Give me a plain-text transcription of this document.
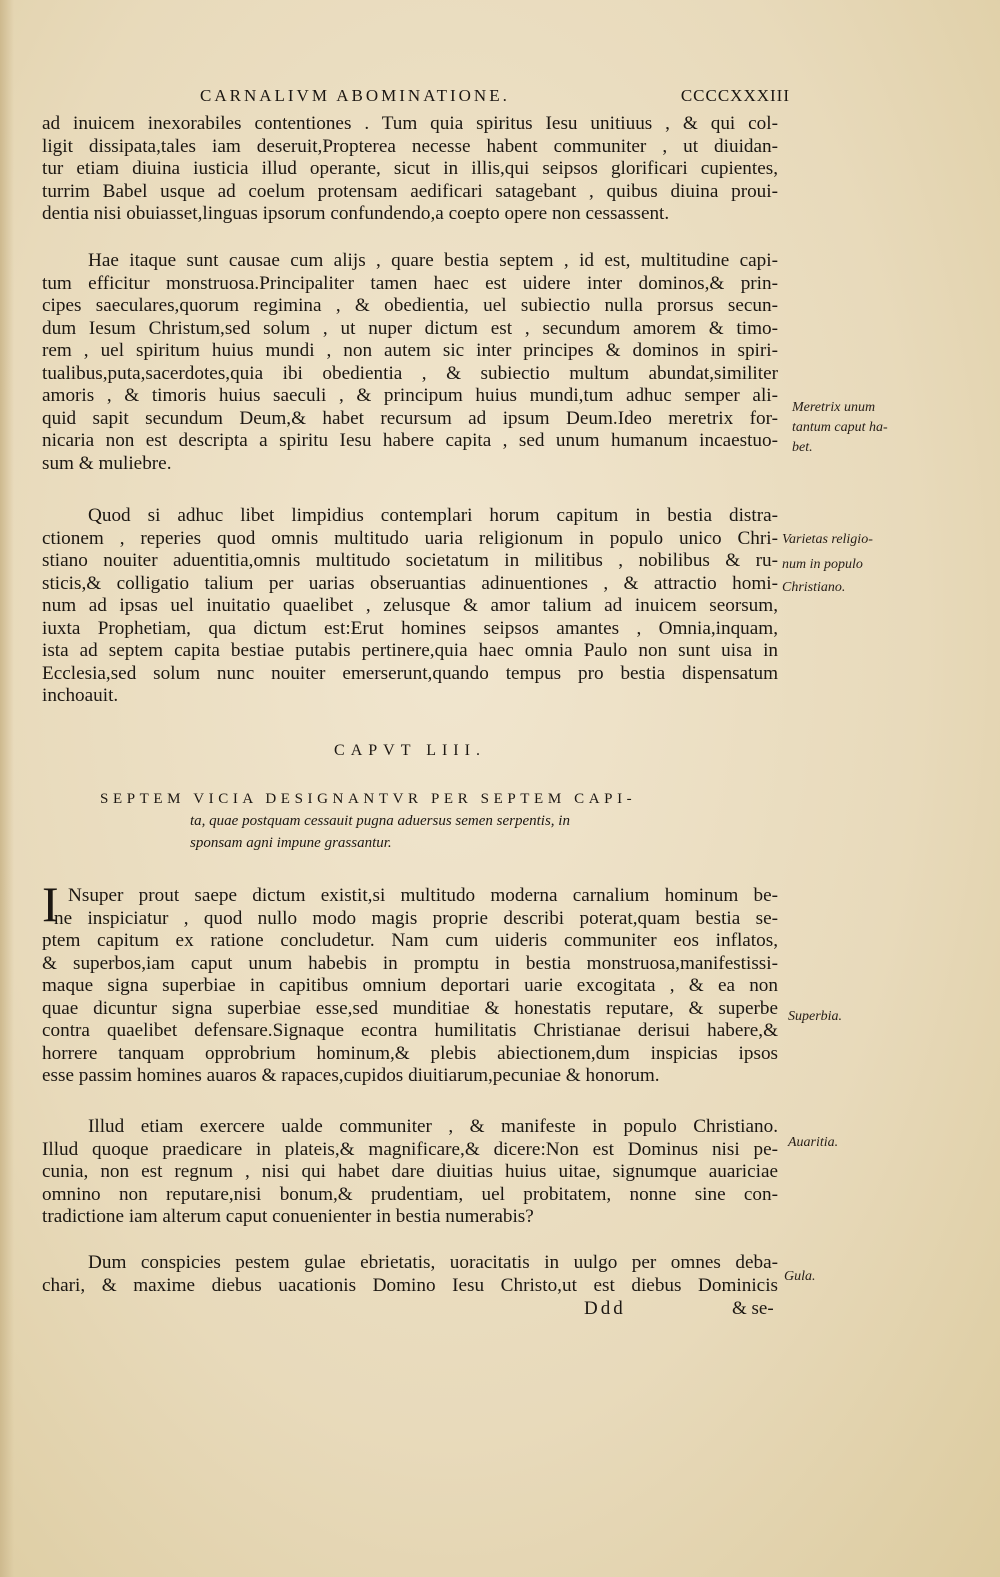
CARNALIVM ABOMINATIONE.	CCCCXXXIII
ad inuicem inexorabiles contentiones . Tum quia spiritus Iesu unitiuus , & qui col-
ligit dissipata,tales iam deseruit,Propterea necesse habent communiter , ut diuidan-
tur etiam diuina iusticia illud operante, sicut in illis,qui seipsos glorificari cupientes,
turrim Babel usque ad coelum protensam aedificari satagebant , quibus diuina proui-
dentia nisi obuiasset,linguas ipsorum confundendo,a coepto opere non cessassent.
Hae itaque sunt causae cum alijs , quare bestia septem , id est, multitudine capi-
tum efficitur monstruosa.Principaliter tamen haec est uidere inter dominos,& prin-
cipes saeculares,quorum regimina , & obedientia, uel subiectio nulla prorsus secun-
dum Iesum Christum,sed solum , ut nuper dictum est , secundum amorem & timo-
rem , uel spiritum huius mundi , non autem sic inter principes & dominos in spiri-
tualibus,puta,sacerdotes,quia ibi obedientia , & subiectio multum abundat,similiter
amoris , & timoris huius saeculi , & principum huius mundi,tum adhuc semper ali-
quid sapit secundum Deum,& habet recursum ad ipsum Deum.Ideo meretrix for-
nicaria non est descripta a spiritu Iesu habere capita , sed unum humanum incaestuo-
sum & muliebre.
Quod si adhuc libet limpidius contemplari horum capitum in bestia distra-
ctionem , reperies quod omnis multitudo uaria religionum in populo unico Chri-
stiano nouiter aduentitia,omnis multitudo societatum in militibus , nobilibus & ru-
sticis,& colligatio talium per uarias obseruantias adinuentiones , & attractio homi-
num ad ipsas uel inuitatio quaelibet , zelusque & amor talium ad inuicem seorsum,
iuxta Prophetiam, qua dictum est:Erut homines seipsos amantes , Omnia,inquam,
ista ad septem capita bestiae putabis pertinere,quia haec omnia Paulo non sunt uisa in
Ecclesia,sed solum nunc nouiter emerserunt,quando tempus pro bestia dispensatum
inchoauit.
CAPVT LIII.
SEPTEM VICIA DESIGNANTVR PER SEPTEM CAPI-
ta, quae postquam cessauit pugna aduersus semen serpentis, in
sponsam agni impune grassantur.
I Nsuper prout saepe dictum existit,si multitudo moderna carnalium hominum be-
ne inspiciatur , quod nullo modo magis proprie describi poterat,quam bestia se-
ptem capitum ex ratione concludetur. Nam cum uideris communiter eos inflatos,
& superbos,iam caput unum habebis in promptu in bestia monstruosa,manifestissi-
maque signa superbiae in capitibus omnium deportari uarie excogitata , & ea non
quae dicuntur signa superbiae esse,sed munditiae & honestatis reputare, & superbe
contra quaelibet defensare.Signaque econtra humilitatis Christianae derisui habere,&
horrere tanquam opprobrium hominum,& plebis abiectionem,dum inspicias ipsos
esse passim homines auaros & rapaces,cupidos diuitiarum,pecuniae & honorum.
Illud etiam exercere ualde communiter , & manifeste in populo Christiano.
Illud quoque praedicare in plateis,& magnificare,& dicere:Non est Dominus nisi pe-
cunia, non est regnum , nisi qui habet dare diuitias huius uitae, signumque auariciae
omnino non reputare,nisi bonum,& prudentiam, uel probitatem, nonne sine con-
tradictione iam alterum caput conuenienter in bestia numerabis?
Dum conspicies pestem gulae ebrietatis, uoracitatis in uulgo per omnes deba-
chari, & maxime diebus uacationis Domino Iesu Christo,ut est diebus Dominicis
Ddd	& se-
Meretrix unum
tantum caput ha-
bet.
Varietas religio-
num in populo
Christiano.
Superbia.
Auaritia.
Gula.
